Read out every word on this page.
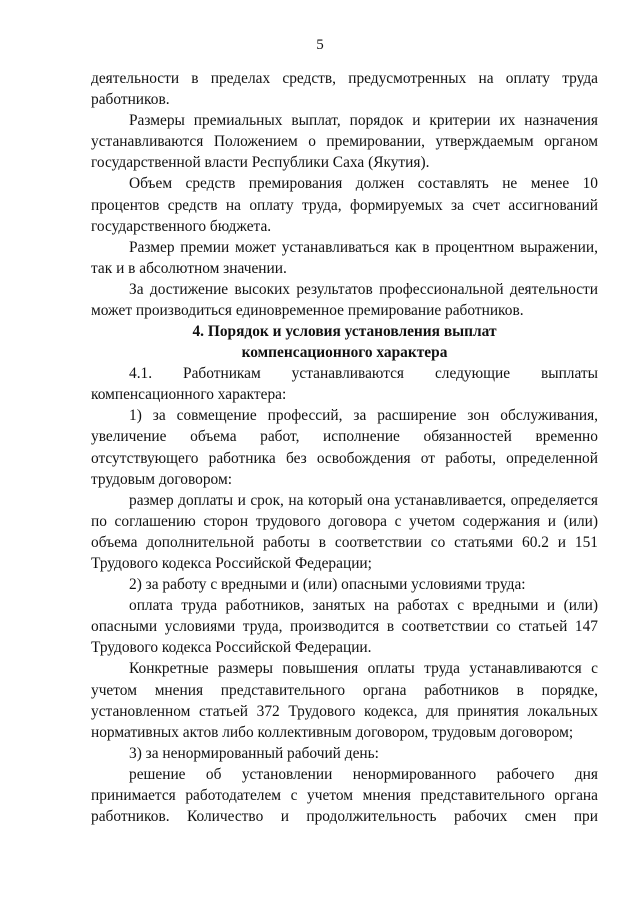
5

деятельности в пределах средств, предусмотренных на оплату труда работников.

Размеры премиальных выплат, порядок и критерии их назначения устанавливаются Положением о премировании, утверждаемым органом государственной власти Республики Саха (Якутия).

Объем средств премирования должен составлять не менее 10 процентов средств на оплату труда, формируемых за счет ассигнований государственного бюджета.

Размер премии может устанавливаться как в процентном выражении, так и в абсолютном значении.

За достижение высоких результатов профессиональной деятельности может производиться единовременное премирование работников.

4. Порядок и условия установления выплат
компенсационного характера

4.1. Работникам устанавливаются следующие выплаты компенсационного характера:

1) за совмещение профессий, за расширение зон обслуживания, увеличение объема работ, исполнение обязанностей временно отсутствующего работника без освобождения от работы, определенной трудовым договором:

размер доплаты и срок, на который она устанавливается, определяется по соглашению сторон трудового договора с учетом содержания и (или) объема дополнительной работы в соответствии со статьями 60.2 и 151 Трудового кодекса Российской Федерации;

2) за работу с вредными и (или) опасными условиями труда:

оплата труда работников, занятых на работах с вредными и (или) опасными условиями труда, производится в соответствии со статьей 147 Трудового кодекса Российской Федерации.

Конкретные размеры повышения оплаты труда устанавливаются с учетом мнения представительного органа работников в порядке, установленном статьей 372 Трудового кодекса, для принятия локальных нормативных актов либо коллективным договором, трудовым договором;

3) за ненормированный рабочий день:

решение об установлении ненормированного рабочего дня принимается работодателем с учетом мнения представительного органа работников. Количество и продолжительность рабочих смен при
